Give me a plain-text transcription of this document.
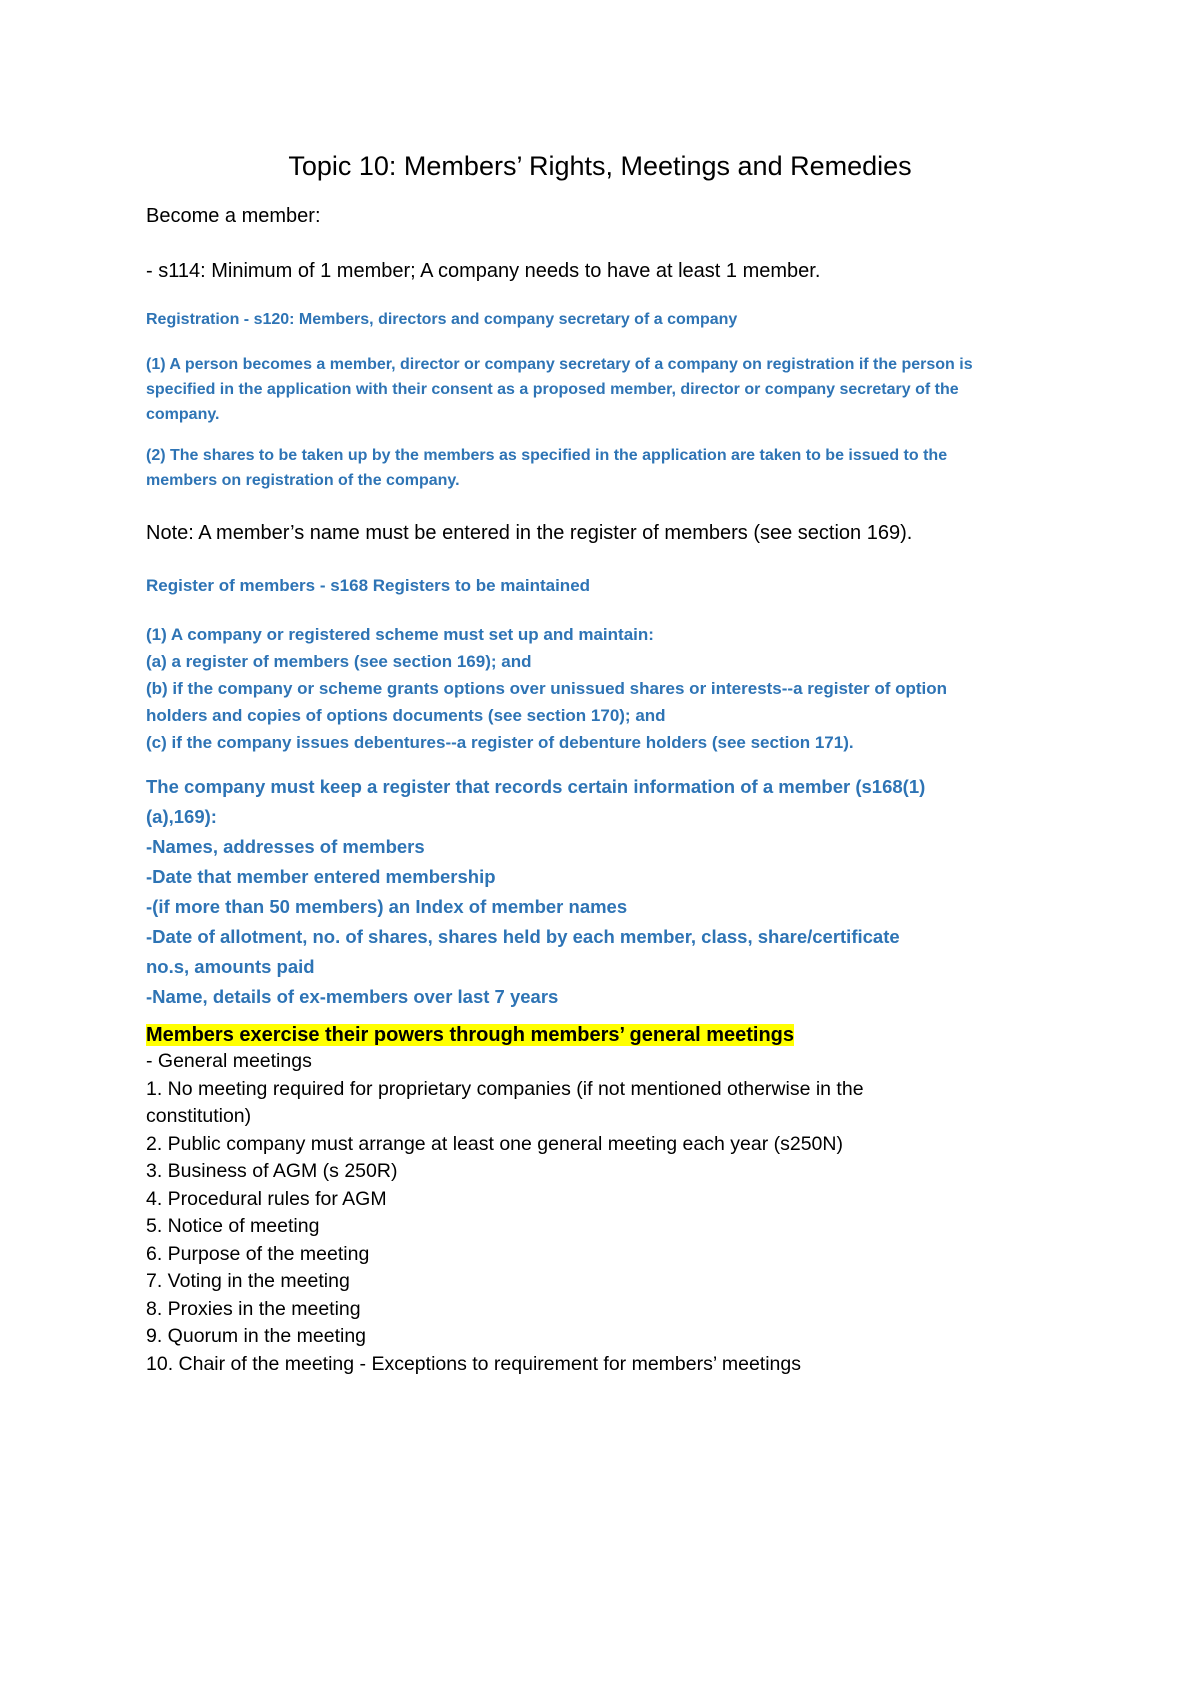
Topic 10: Members’ Rights, Meetings and Remedies

Become a member:

- s114: Minimum of 1 member; A company needs to have at least 1 member.

Registration - s120: Members, directors and company secretary of a company

(1) A person becomes a member, director or company secretary of a company on registration if the person is

specified in the application with their consent as a proposed member, director or company secretary of the

company.

(2) The shares to be taken up by the members as specified in the application are taken to be issued to the

members on registration of the company.

Note: A member’s name must be entered in the register of members (see section 169).

Register of members - s168 Registers to be maintained

(1) A company or registered scheme must set up and maintain:

(a) a register of members (see section 169); and

(b) if the company or scheme grants options over unissued shares or interests--a register of option

holders and copies of options documents (see section 170); and

(c) if the company issues debentures--a register of debenture holders (see section 171).

The company must keep a register that records certain information of a member (s168(1)

(a),169):

-Names, addresses of members

-Date that member entered membership

-(if more than 50 members) an Index of member names

-Date of allotment, no. of shares, shares held by each member, class, share/certificate

no.s, amounts paid

-Name, details of ex-members over last 7 years

Members exercise their powers through members’ general meetings

- General meetings

1. No meeting required for proprietary companies (if not mentioned otherwise in the

constitution)

2. Public company must arrange at least one general meeting each year (s250N)

3. Business of AGM (s 250R)

4. Procedural rules for AGM

5. Notice of meeting

6. Purpose of the meeting

7. Voting in the meeting

8. Proxies in the meeting

9. Quorum in the meeting

10. Chair of the meeting - Exceptions to requirement for members’ meetings
